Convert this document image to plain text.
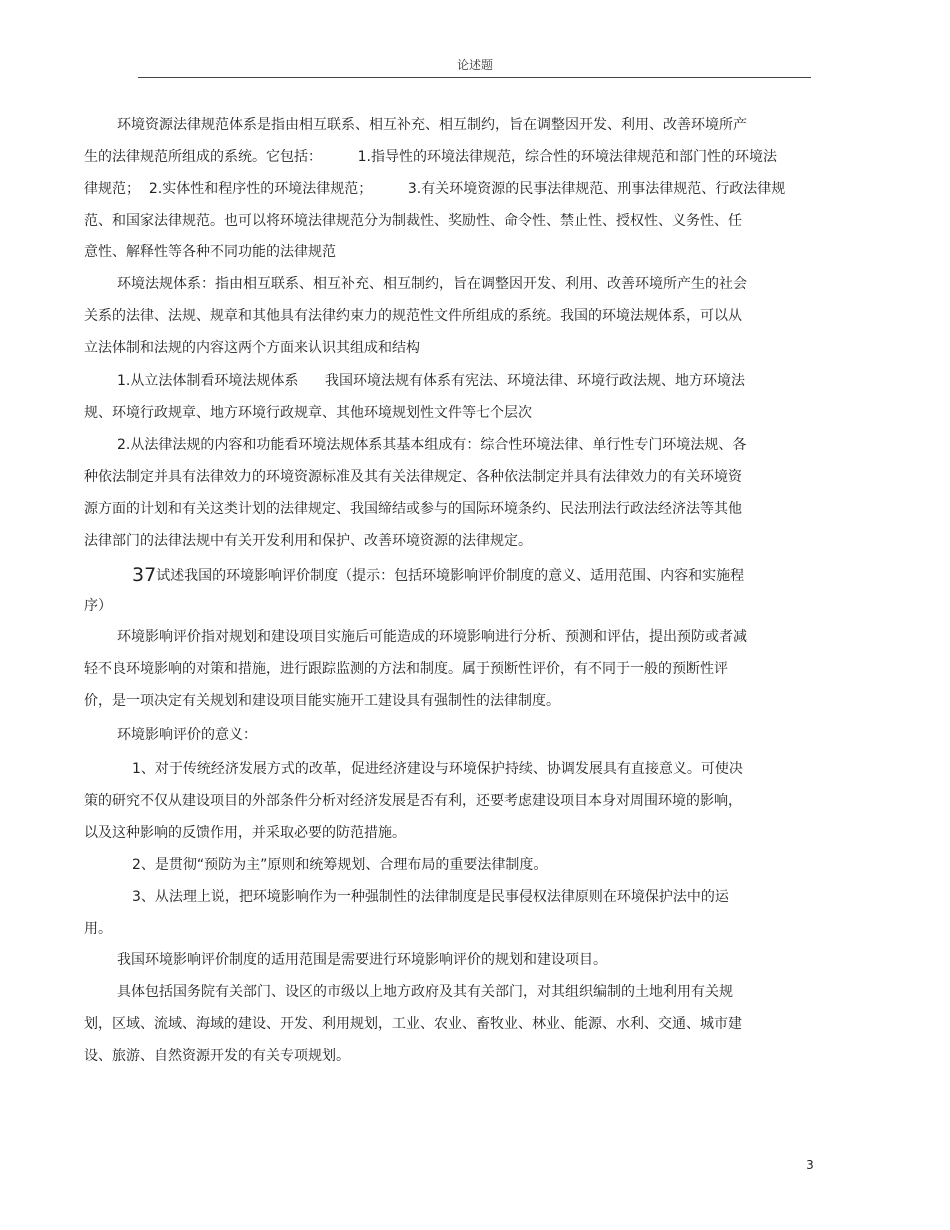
论述题
环境资源法律规范体系是指由相互联系、相互补充、相互制约，旨在调整因开发、利用、改善环境所产
生的法律规范所组成的系统。它包括：        1.指导性的环境法律规范，综合性的环境法律规范和部门性的环境法
律规范；  2.实体性和程序性的环境法律规范；        3.有关环境资源的民事法律规范、刑事法律规范、行政法律规
范、和国家法律规范。也可以将环境法律规范分为制裁性、奖励性、命令性、禁止性、授权性、义务性、任
意性、解释性等各种不同功能的法律规范
环境法规体系：指由相互联系、相互补充、相互制约，旨在调整因开发、利用、改善环境所产生的社会
关系的法律、法规、规章和其他具有法律约束力的规范性文件所组成的系统。我国的环境法规体系，可以从
立法体制和法规的内容这两个方面来认识其组成和结构
1.从立法体制看环境法规体系      我国环境法规有体系有宪法、环境法律、环境行政法规、地方环境法
规、环境行政规章、地方环境行政规章、其他环境规划性文件等七个层次
2.从法律法规的内容和功能看环境法规体系其基本组成有：综合性环境法律、单行性专门环境法规、各
种依法制定并具有法律效力的环境资源标准及其有关法律规定、各种依法制定并具有法律效力的有关环境资
源方面的计划和有关这类计划的法律规定、我国缔结或参与的国际环境条约、民法刑法行政法经济法等其他
法律部门的法律法规中有关开发利用和保护、改善环境资源的法律规定。
37试述我国的环境影响评价制度（提示：包括环境影响评价制度的意义、适用范围、内容和实施程
序）
环境影响评价指对规划和建设项目实施后可能造成的环境影响进行分析、预测和评估，提出预防或者减
轻不良环境影响的对策和措施，进行跟踪监测的方法和制度。属于预断性评价，有不同于一般的预断性评
价，是一项决定有关规划和建设项目能实施开工建设具有强制性的法律制度。
环境影响评价的意义：
1、对于传统经济发展方式的改革，促进经济建设与环境保护持续、协调发展具有直接意义。可使决
策的研究不仅从建设项目的外部条件分析对经济发展是否有利，还要考虑建设项目本身对周围环境的影响，
以及这种影响的反馈作用，并采取必要的防范措施。
2、是贯彻“预防为主”原则和统筹规划、合理布局的重要法律制度。
3、从法理上说，把环境影响作为一种强制性的法律制度是民事侵权法律原则在环境保护法中的运
用。
我国环境影响评价制度的适用范围是需要进行环境影响评价的规划和建设项目。
具体包括国务院有关部门、设区的市级以上地方政府及其有关部门，对其组织编制的土地利用有关规
划，区域、流域、海域的建设、开发、利用规划，工业、农业、畜牧业、林业、能源、水利、交通、城市建
设、旅游、自然资源开发的有关专项规划。
3
